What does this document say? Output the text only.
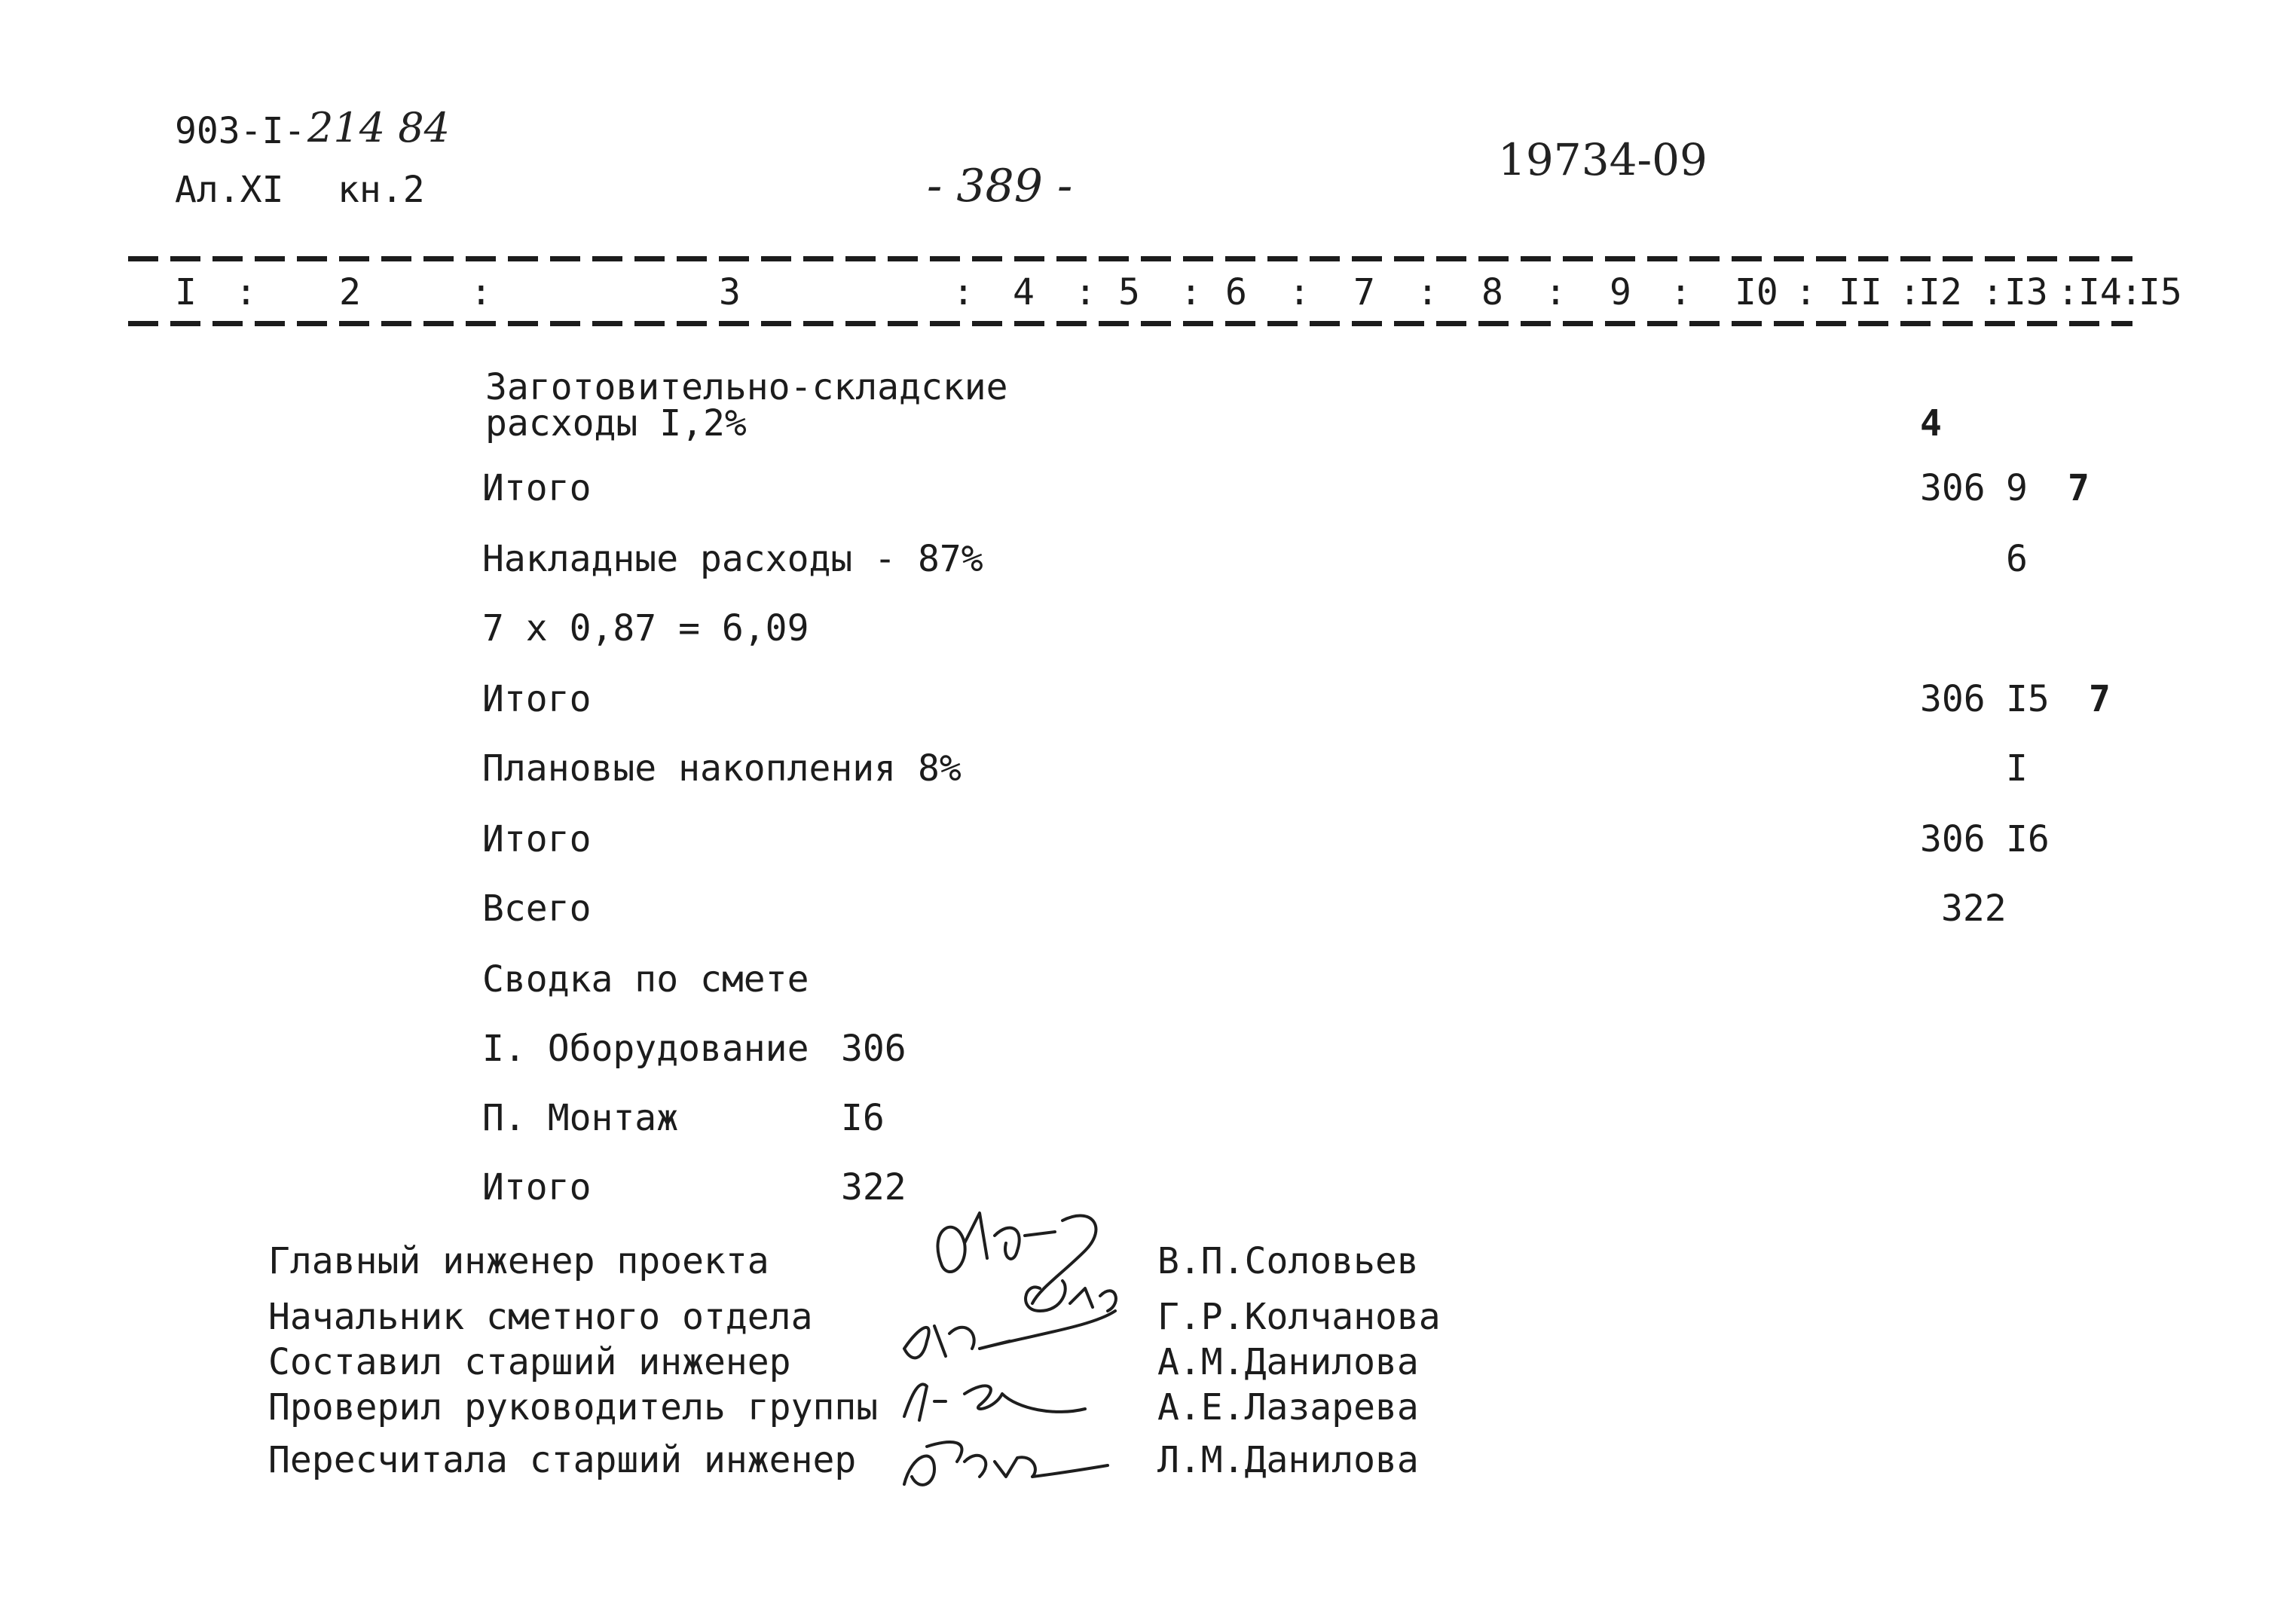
903-I- 214 84
Ал.XI кн.2	- 389 -	19734-09
I	2	3	4 5 6	7	8	9	I0 II I2 I3 I4 I5
:	:	:	: : :	:	:	:	: : : : :
Заготовительно-складские
расходы I,2%	4
Итого	306 9 7
Накладные расходы - 87%	6
7 x 0,87 = 6,09
Итого	306 I5 7
Плановые накопления 8%	I
Итого	306 I6
Всего	322
Сводка по смете
I. Оборудование 306
П. Монтаж	I6
Итого	322
Главный инженер проекта	В.П.Соловьев
Начальник сметного отдела	Г.Р.Колчанова
Составил старший инженер	А.М.Данилова
Проверил руководитель группы	А.Е.Лазарева
Пересчитала старший инженер	Л.М.Данилова
